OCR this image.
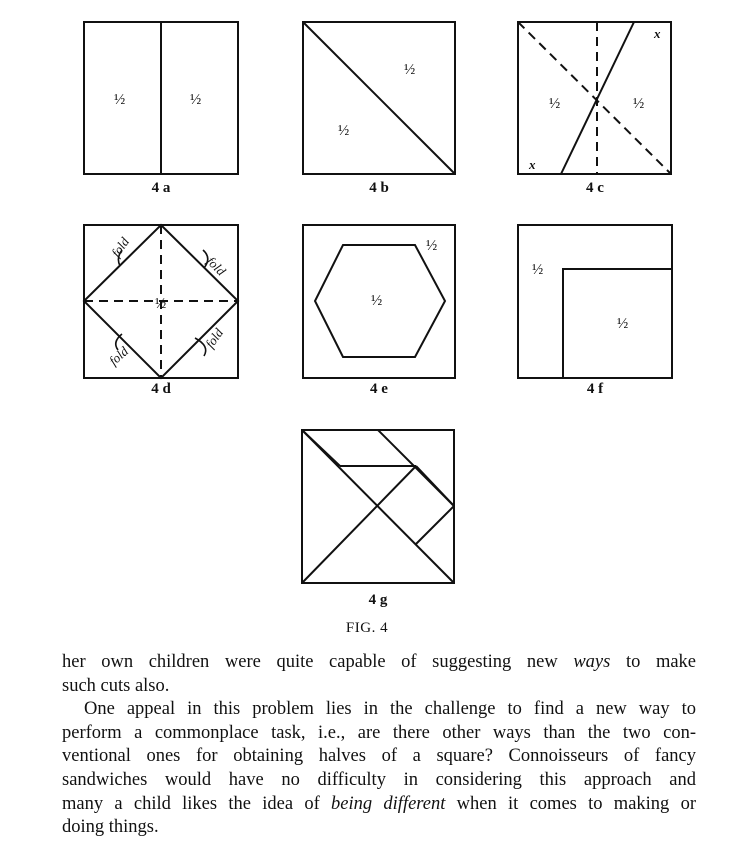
½	½
½
½
½	½
½
½
½
½
½
x
x
fold
fold
fold
fold
4 a	4 b	4 c
4 d	4 e	4 f
4 g
FIG. 4

her own children were quite capable of suggesting new ways to make
such cuts also.

One appeal in this problem lies in the challenge to find a new way to
perform a commonplace task, i.e., are there other ways than the two con-
ventional ones for obtaining halves of a square? Connoisseurs of fancy
sandwiches would have no difficulty in considering this approach and
many a child likes the idea of being different when it comes to making or
doing things.
